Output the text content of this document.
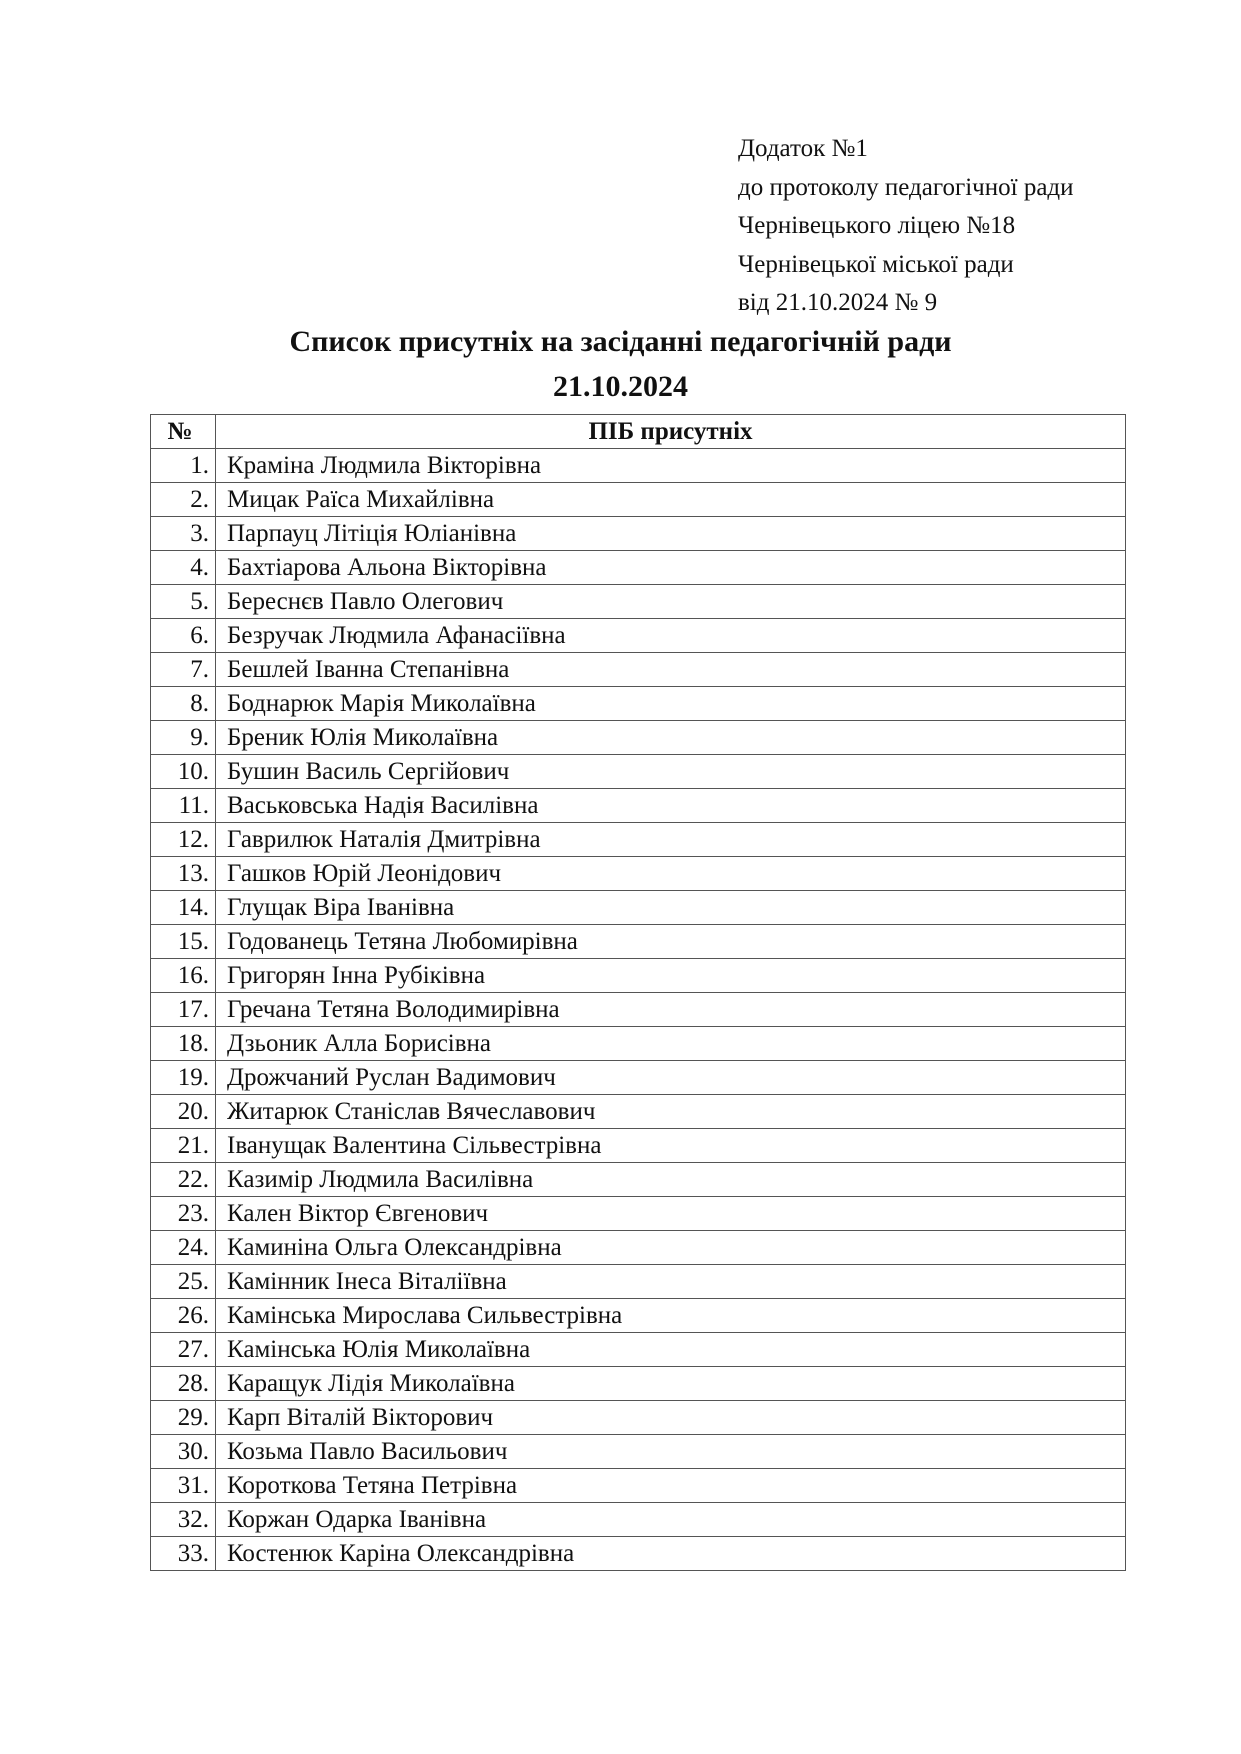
Додаток №1
до протоколу педагогічної ради
Чернівецького ліцею №18
Чернівецької міської ради
від 21.10.2024 № 9
Список присутніх на засіданні педагогічній ради
21.10.2024
№	ПІБ присутніх
1.	Краміна Людмила Вікторівна
2.	Мицак Раїса Михайлівна
3.	Парпауц Літіція Юліанівна
4.	Бахтіарова Альона Вікторівна
5.	Береснєв Павло Олегович
6.	Безручак Людмила Афанасіївна
7.	Бешлей Іванна Степанівна
8.	Боднарюк Марія Миколаївна
9.	Бреник Юлія Миколаївна
10.	Бушин Василь Сергійович
11.	Васьковська Надія Василівна
12.	Гаврилюк Наталія Дмитрівна
13.	Гашков Юрій Леонідович
14.	Глущак Віра Іванівна
15.	Годованець Тетяна Любомирівна
16.	Григорян Інна Рубіківна
17.	Гречана Тетяна Володимирівна
18.	Дзьоник Алла Борисівна
19.	Дрожчаний Руслан Вадимович
20.	Житарюк Станіслав Вячеславович
21.	Іванущак Валентина Сільвестрівна
22.	Казимір Людмила Василівна
23.	Кален Віктор Євгенович
24.	Каминіна Ольга Олександрівна
25.	Камінник Інеса Віталіївна
26.	Камінська Мирослава Сильвестрівна
27.	Камінська Юлія Миколаївна
28.	Каращук Лідія Миколаївна
29.	Карп Віталій Вікторович
30.	Козьма Павло Васильович
31.	Короткова Тетяна Петрівна
32.	Коржан Одарка Іванівна
33.	Костенюк Каріна Олександрівна
